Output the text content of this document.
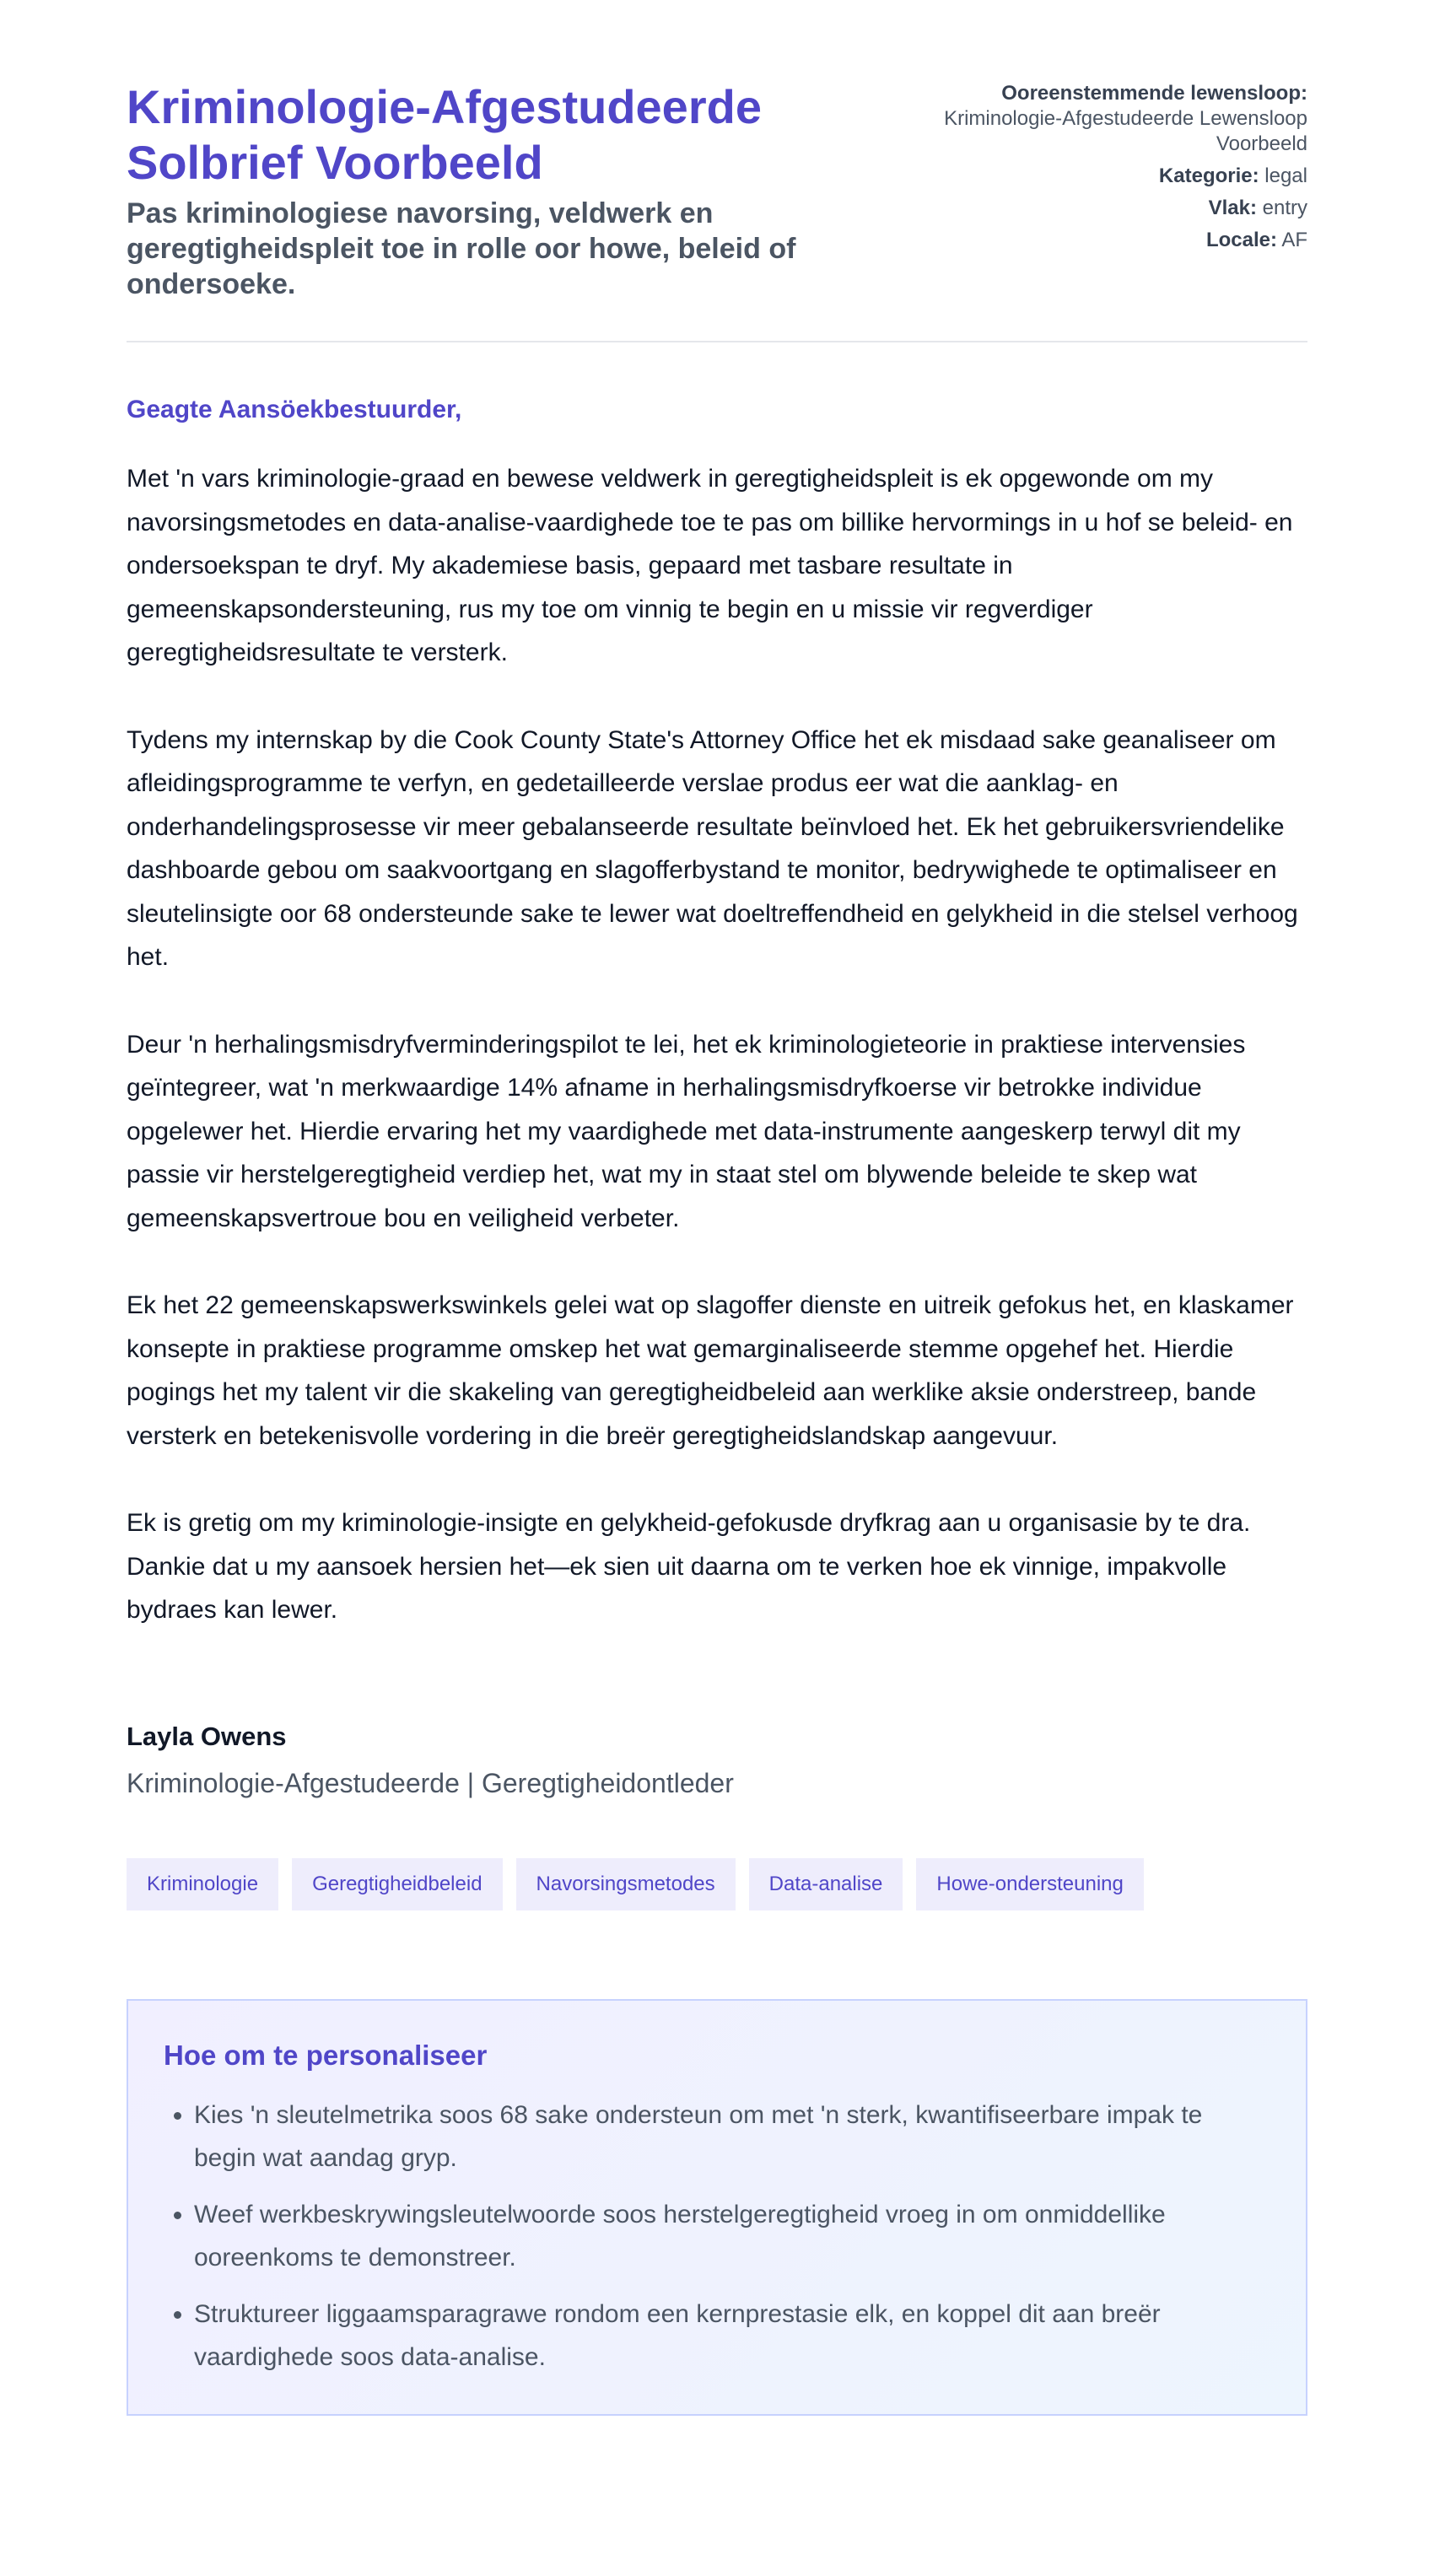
Kriminologie-Afgestudeerde Solbrief Voorbeeld

Pas kriminologiese navorsing, veldwerk en geregtigheidspleit toe in rolle oor howe, beleid of ondersoeke.

Ooreenstemmende lewensloop:
Kriminologie-Afgestudeerde Lewensloop Voorbeeld
Kategorie: legal
Vlak: entry
Locale: AF

Geagte Aansöekbestuurder,

Met 'n vars kriminologie-graad en bewese veldwerk in geregtigheidspleit is ek opgewonde om my navorsingsmetodes en data-analise-vaardighede toe te pas om billike hervormings in u hof se beleid- en ondersoekspan te dryf. My akademiese basis, gepaard met tasbare resultate in gemeenskapsondersteuning, rus my toe om vinnig te begin en u missie vir regverdiger geregtigheidsresultate te versterk.

Tydens my internskap by die Cook County State's Attorney Office het ek misdaad sake geanaliseer om afleidingsprogramme te verfyn, en gedetailleerde verslae produs eer wat die aanklag- en onderhandelingsprosesse vir meer gebalanseerde resultate beïnvloed het. Ek het gebruikersvriendelike dashboarde gebou om saakvoortgang en slagofferbystand te monitor, bedrywighede te optimaliseer en sleutelinsigte oor 68 ondersteunde sake te lewer wat doeltreffendheid en gelykheid in die stelsel verhoog het.

Deur 'n herhalingsmisdryfverminderingspilot te lei, het ek kriminologieteorie in praktiese intervensies geïntegreer, wat 'n merkwaardige 14% afname in herhalingsmisdryfkoerse vir betrokke individue opgelewer het. Hierdie ervaring het my vaardighede met data-instrumente aangeskerp terwyl dit my passie vir herstelgeregtigheid verdiep het, wat my in staat stel om blywende beleide te skep wat gemeenskapsvertroue bou en veiligheid verbeter.

Ek het 22 gemeenskapswerkswinkels gelei wat op slagoffer dienste en uitreik gefokus het, en klaskamer konsepte in praktiese programme omskep het wat gemarginaliseerde stemme opgehef het. Hierdie pogings het my talent vir die skakeling van geregtigheidbeleid aan werklike aksie onderstreep, bande versterk en betekenisvolle vordering in die breër geregtigheidslandskap aangevuur.

Ek is gretig om my kriminologie-insigte en gelykheid-gefokusde dryfkrag aan u organisasie by te dra. Dankie dat u my aansoek hersien het—ek sien uit daarna om te verken hoe ek vinnige, impakvolle bydraes kan lewer.

Layla Owens
Kriminologie-Afgestudeerde | Geregtigheidontleder
Kriminologie	Geregtigheidbeleid	Navorsingsmetodes	Data-analise	Howe-ondersteuning
Hoe om te personaliseer
• Kies 'n sleutelmetrika soos 68 sake ondersteun om met 'n sterk, kwantifiseerbare impak te begin wat aandag gryp.
• Weef werkbeskrywingsleutelwoorde soos herstelgeregtigheid vroeg in om onmiddellike ooreenkoms te demonstreer.
• Struktureer liggaamsparagrawe rondom een kernprestasie elk, en koppel dit aan breër vaardighede soos data-analise.
